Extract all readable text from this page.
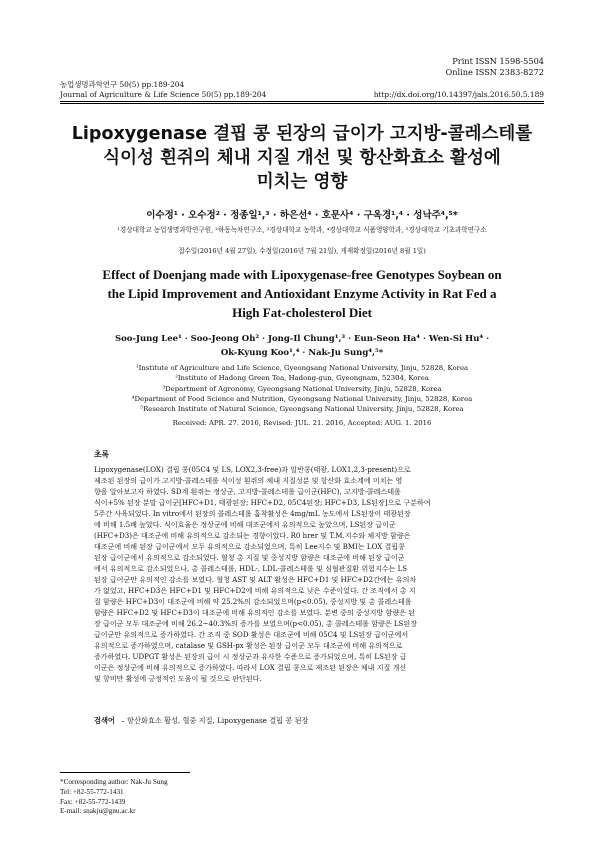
Print ISSN 1598-5504
Online ISSN 2383-8272
농업생명과학연구 50(5) pp.189-204
Journal of Agriculture & Life Science 50(5) pp.189-204	http://dx.doi.org/10.14397/jals.2016.50.5.189
Lipoxygenase 결핍 콩 된장의 급이가 고지방-콜레스테롤
식이성 흰쥐의 체내 지질 개선 및 항산화효소 활성에
미치는 영향
이수정¹ · 오수정² · 정종일¹,³ · 하은선⁴ · 호문사⁴ · 구옥경¹,⁴ · 성낙주⁴,⁵*
¹경상대학교 농업생명과학연구원, ²하동녹차연구소, ³경상대학교 농학과, ⁴경상대학교 식품영양학과, ⁵경상대학교 기초과학연구소
접수일(2016년 4월 27일), 수정일(2016년 7월 21일), 게재확정일(2016년 8월 1일)
Effect of Doenjang made with Lipoxygenase-free Genotypes Soybean on
the Lipid Improvement and Antioxidant Enzyme Activity in Rat Fed a
High Fat-cholesterol Diet
Soo-Jung Lee¹ · Soo-Jeong Oh² · Jong-Il Chung¹,³ · Eun-Seon Ha⁴ · Wen-Si Hu⁴ ·
Ok-Kyung Koo¹,⁴ · Nak-Ju Sung⁴,⁵*
¹Institute of Agriculture and Life Science, Gyeongsang National University, Jinju, 52828, Korea
²Institute of Hadong Green Tea, Hadong-gun, Gyeongnam, 52304, Korea
³Department of Agronomy, Gyeongsang National University, Jinju, 52828, Korea
⁴Department of Food Science and Nutrition, Gyeongsang National University, Jinju, 52828, Korea
⁵Research Institute of Natural Science, Gyeongsang National University, Jinju, 52828, Korea
Received: APR. 27. 2016, Revised: JUL. 21. 2016, Accepted: AUG. 1. 2016
초록
Lipoxygenase(LOX) 결핍 콩(05C4 및 LS, LOX2,3-free)과 일반콩(태광, LOX1,2,3-present)으로
제조된 된장의 급이가 고지방-콜레스테롤 식이성 흰쥐의 체내 지질성분 및 항산화 효소계에 미치는 영
향을 알아보고자 하였다. SD계 흰쥐는 정상군, 고지방-콜레스테롤 급이군(HFC), 고지방-콜레스테롤
식이+5% 된장 분말 급이군[HFC+D1, 태광된장; HFC+D2, 05C4된장; HFC+D3, LS된장]으로 구분하여
5주간 사육되었다. In vitro에서 된장의 콜레스테롤 흡착활성은 4mg/mL 농도에서 LS된장이 태광된장
에 비해 1.5배 높았다. 식이효율은 정상군에 비해 대조군에서 유의적으로 높았으며, LS된장 급이군
(HFC+D3)은 대조군에 비해 유의적으로 감소되는 경향이었다. R0 hrer 및 T.M.지수와 체지방 함량은
대조군에 비해 된장 급이군에서 모두 유의적으로 감소되었으며, 특히 Lee지수 및 BMI는 LOX 결핍콩
된장 급이군에서 유의적으로 감소되었다. 혈청 총 지질 및 중성지방 함량은 대조군에 비해 된장 급이군
에서 유의적으로 감소되었으나, 총 콜레스테롤, HDL-, LDL-콜레스테롤 및 심혈관질환 위험지수는 LS
된장 급이군만 유의적인 감소를 보였다. 혈청 AST 및 ALT 활성은 HFC+D1 및 HFC+D2간에는 유의차
가 없었고, HFC+D3은 HFC+D1 및 HFC+D2에 비해 유의적으로 낮은 수준이었다. 간 조직에서 총 지
질 함량은 HFC+D3이 대조군에 비해 약 25.2%의 감소되었으며(p<0.05), 중성지방 및 총 콜레스테롤
함량은 HFC+D2 및 HFC+D3이 대조군에 비해 유의적인 감소를 보였다. 분변 중의 중성지방 함량은 된
장 급이군 모두 대조군에 비해 26.2~40.3%의 증가를 보였으며(p<0.05), 총 콜레스테롤 함량은 LS된장
급이군만 유의적으로 증가하였다. 간 조직 중 SOD 활성은 대조군에 비해 05C4 및 LS된장 급이군에서
유의적으로 증가하였으며, catalase 및 GSH-px 활성은 된장 급이군 모두 대조군에 비해 유의적으로
증가하였다. UDPGT 활성은 된장의 급이 시 정상군과 유사한 수준으로 증가되었으며, 특히 LS된장 급
이군은 정상군에 비해 유의적으로 증가하였다. 따라서 LOX 결핍 콩으로 제조된 된장은 체내 지질 개선
및 항비만 활성에 긍정적인 도움이 될 것으로 판단된다.
검색어 – 항산화효소 활성, 혈중 지질, Lipoxygenase 결핍 콩 된장
*Corresponding author: Nak-Ju Sung
Tel: +82-55-772-1431
Fax: +82-55-772-1439
E-mail: snakju@gnu.ac.kr
